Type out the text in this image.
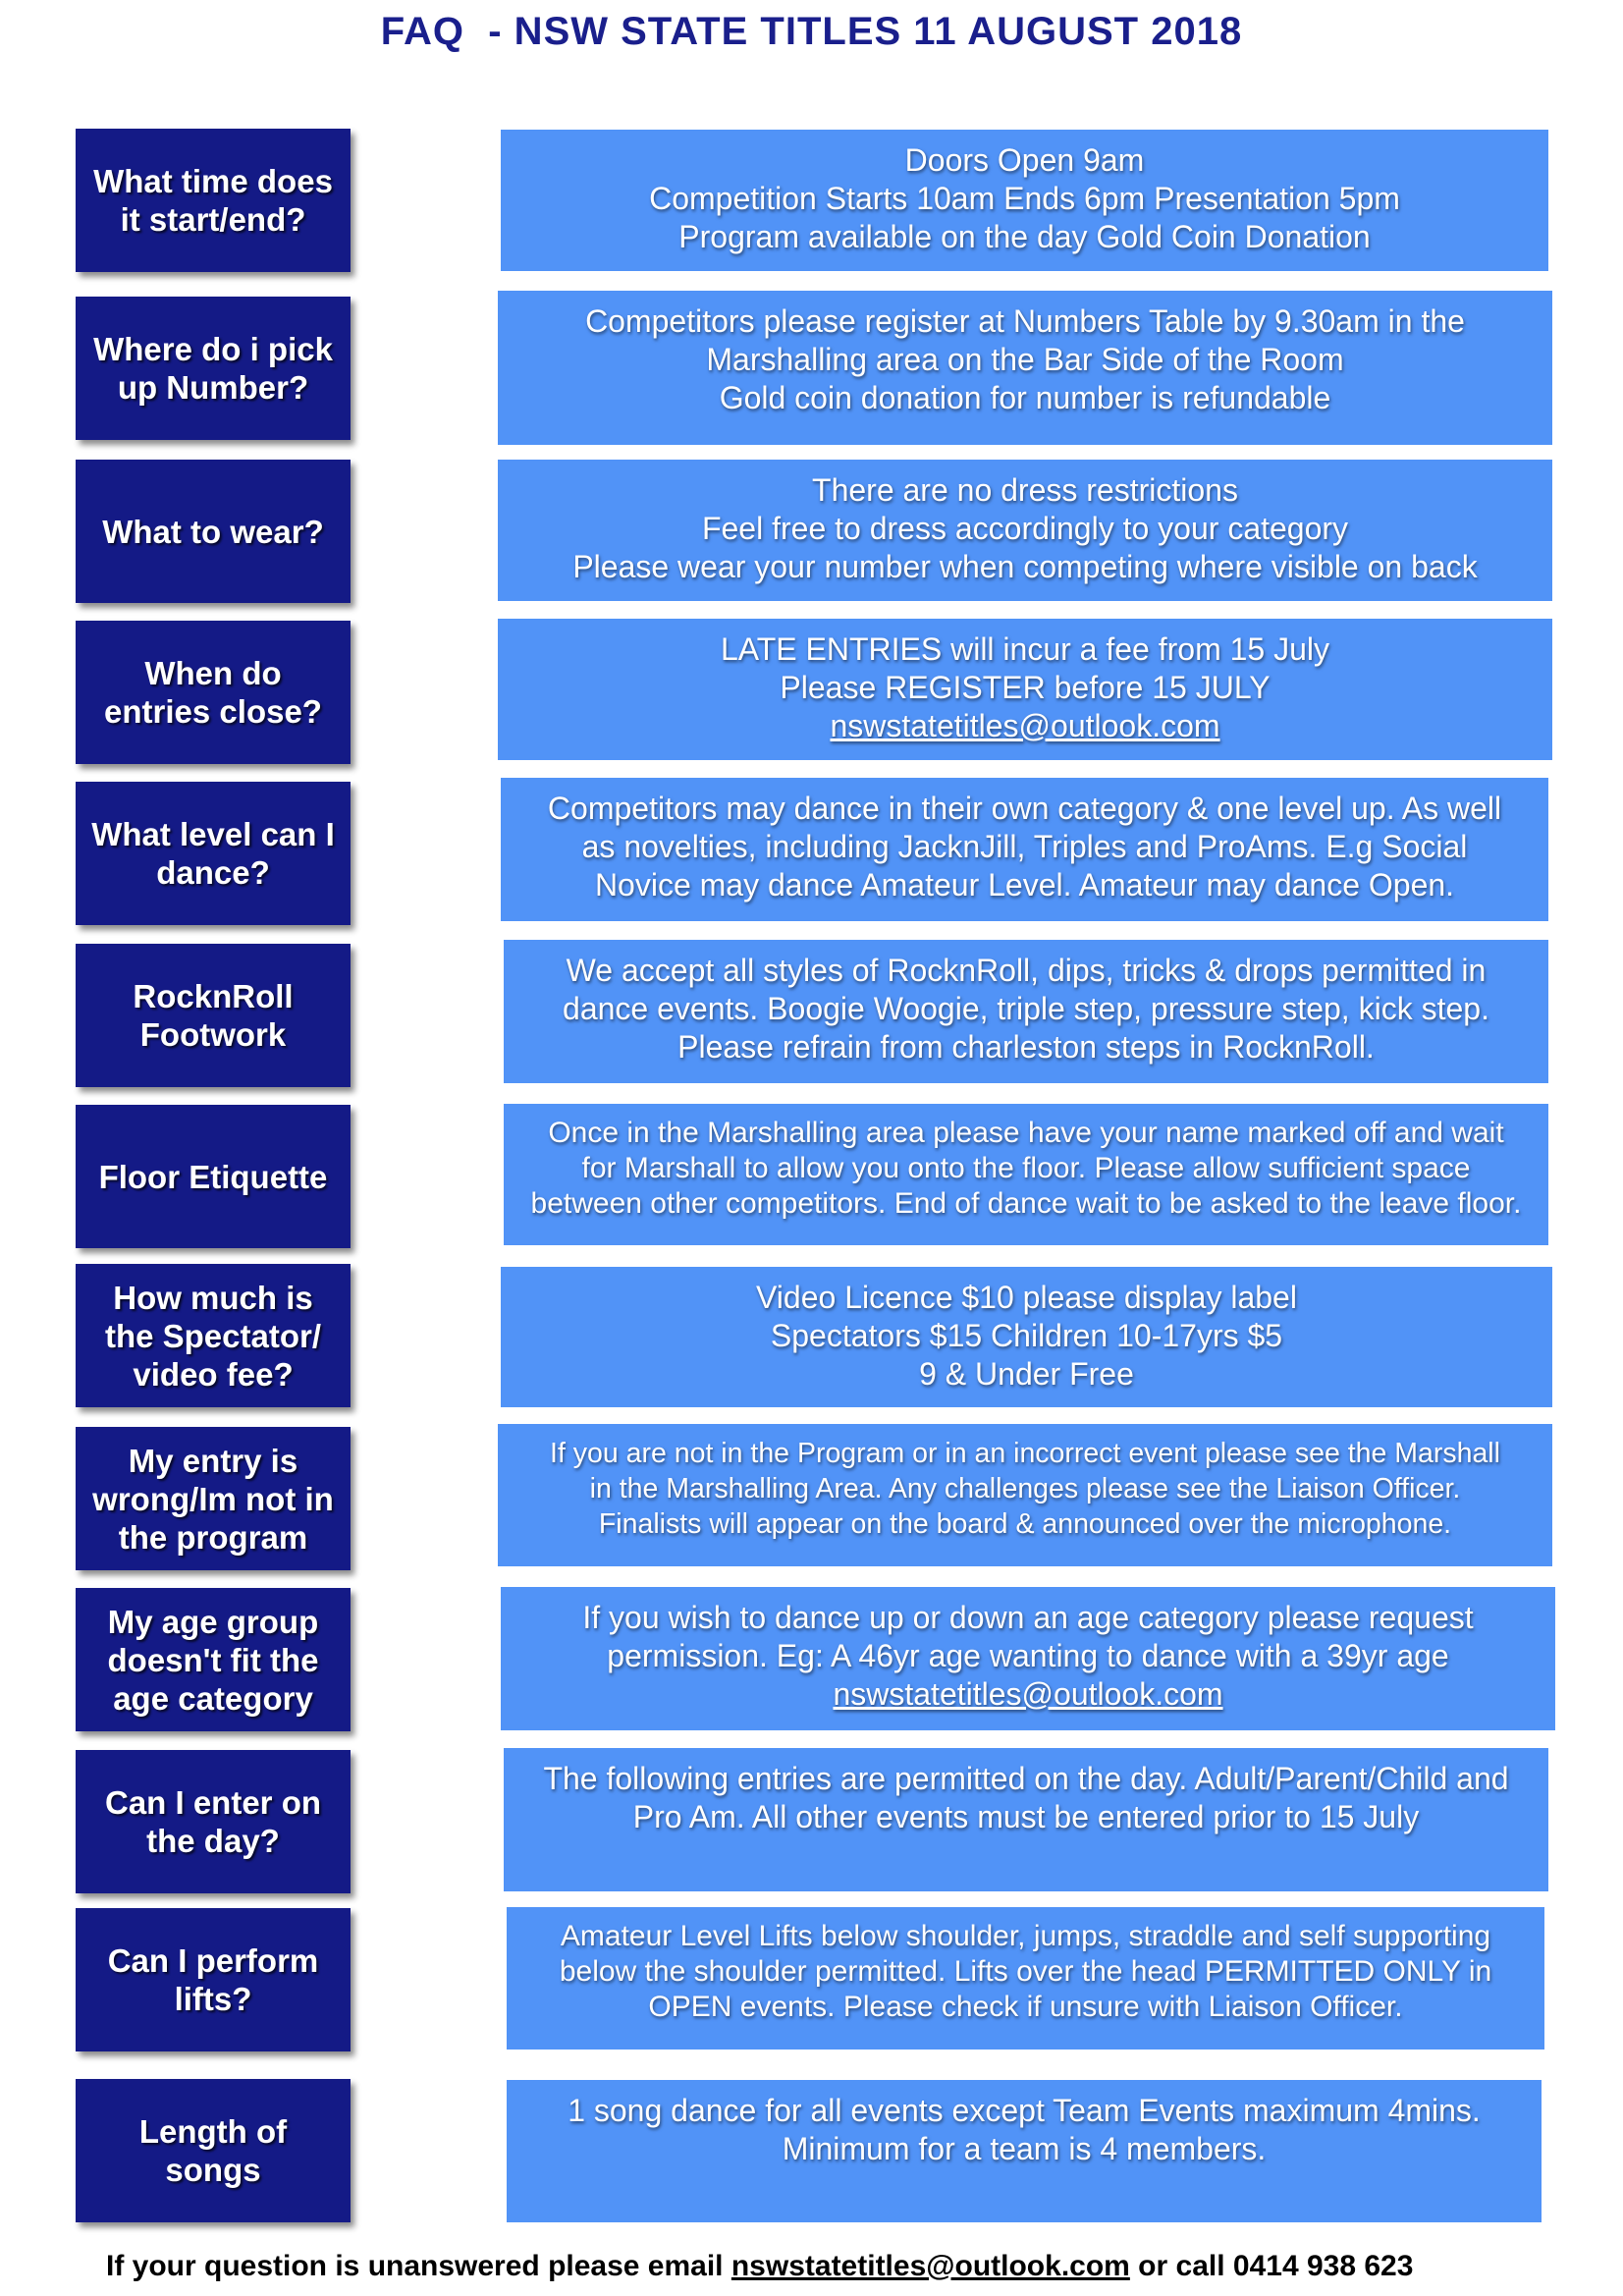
FAQ  - NSW STATE TITLES 11 AUGUST 2018
What time does it start/end?
Doors Open 9am
Competition Starts 10am Ends 6pm Presentation 5pm
Program available on the day Gold Coin Donation
Where do i pick up Number?
Competitors please register at Numbers Table by 9.30am in the
Marshalling area on the Bar Side of the Room
Gold coin donation for number is refundable
What to wear?
There are no dress restrictions
Feel free to dress accordingly to your category
Please wear your number when competing where visible on back
When do entries close?
LATE ENTRIES will incur a fee from 15 July
Please REGISTER before 15 JULY
nswstatetitles@outlook.com
What level can I dance?
Competitors may dance in their own category & one level up. As well
as novelties, including JacknJill, Triples and ProAms. E.g Social
Novice may dance Amateur Level. Amateur may dance Open.
RocknRoll Footwork
We accept all styles of RocknRoll, dips, tricks & drops permitted in
dance events. Boogie Woogie, triple step, pressure step, kick step.
Please refrain from charleston steps in RocknRoll.
Floor Etiquette
Once in the Marshalling area please have your name marked off and wait
for Marshall to allow you onto the floor. Please allow sufficient space
between other competitors. End of dance wait to be asked to the leave floor.
How much is the Spectator/ video fee?
Video Licence $10 please display label
Spectators $15 Children 10-17yrs $5
9 & Under Free
My entry is wrong/Im not in the program
If you are not in the Program or in an incorrect event please see the Marshall
in the Marshalling Area. Any challenges please see the Liaison Officer.
Finalists will appear on the board & announced over the microphone.
My age group doesn't fit the age category
If you wish to dance up or down an age category please request
permission. Eg: A 46yr age wanting to dance with a 39yr age
nswstatetitles@outlook.com
Can I enter on the day?
The following entries are permitted on the day. Adult/Parent/Child and
Pro Am. All other events must be entered prior to 15 July
Can I perform lifts?
Amateur Level Lifts below shoulder, jumps, straddle and self supporting
below the shoulder permitted. Lifts over the head PERMITTED ONLY in
OPEN events. Please check if unsure with Liaison Officer.
Length of songs
1 song dance for all events except Team Events maximum 4mins.
Minimum for a team is 4 members.
If your question is unanswered please email nswstatetitles@outlook.com or call 0414 938 623
